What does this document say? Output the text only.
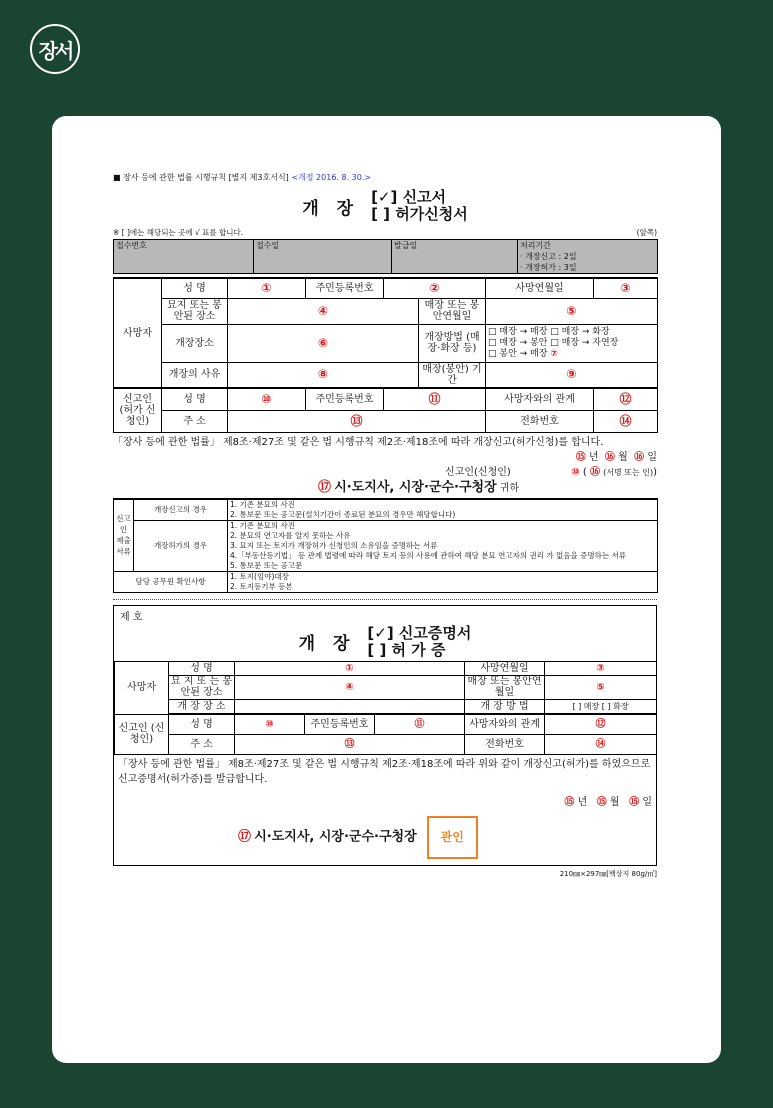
장서
■ 장사 등에 관한 법률 시행규칙 [별지 제3호서식] <개정 2016. 8. 30.>
개 장
[✓] 신고서
[ ] 허가신청서
※ [ ]에는 해당되는 곳에 √ 표를 합니다.	(앞쪽)
접수번호	접수일	발급일	처리기간
· 개장신고 : 2일
· 개장허가 : 3일
사망자	성 명	①	주민등록번호	②		사망연월일	③
	묘지 또는 봉안된 장소	④			매장 또는 봉안연월일	⑤	
	개장장소	⑥			개장방법 (매장·화장 등)	□ 매장 → 매장 □ 매장 → 화장
□ 매장 → 봉안 □ 매장 → 자연장
□ 봉안 → 매장 ⑦	

	개장의 사유	⑧			매장(봉안) 기간	⑨	
신고인 (허가 신청인)	성 명	⑩	주민등록번호	⑪		사망자와의 관계	⑫
	주 소	⑬				전화번호	⑭
「장사 등에 관한 법률」 제8조·제27조 및 같은 법 시행규칙 제2조·제18조에 따라 개장신고(허가신청)를 합니다.
⑮ 년 ⑯ 월 ⑯ 일
신고인(신청인)	⑩ ( ⑯ (서명 또는 인))
⑰ 시·도지사, 시장·군수·구청장 귀하
신고인 제출서류	개장신고의 경우	1. 기존 분묘의 사진
2. 통보문 또는 공고문(설치기간이 종료된 분묘의 경우만 해당합니다)

	개장허가의 경우	1. 기존 분묘의 사진
2. 분묘의 연고자를 알지 못하는 사유
3. 묘지 또는 토지가 개장허가 신청인의 소유임을 증명하는 서류
4.「부동산등기법」 등 관계 법령에 따라 해당 토지 등의 사용에 관하여 해당 분묘 연고자의 권리 가 없음을 증명하는 서류
5. 통보문 또는 공고문

담당 공무원 확인사항		1. 토지(임야)대장
2. 토지등기부 등본
제 호
개 장
[✓] 신고증명서
[ ] 허 가 증
사망자	성 명	①			사망연월일	③
	묘 지 또 는 봉안된 장소	④			매장 또는 봉안연월일	⑤
	개 장 장 소				개 장 방 법	[ ] 매장 [ ] 화장

신고인 (신청인)	성 명	⑩	주민등록번호	⑪	사망자와의 관계	⑫
	주 소	⑬			전화번호	⑭
「장사 등에 관한 법률」 제8조·제27조 및 같은 법 시행규칙 제2조·제18조에 따라 위와 같이 개장신고(허가)를 하였으므로 신고증명서(허가증)를 발급합니다.
⑮ 년 ⑮ 월 ⑮ 일
⑰ 시·도지사, 시장·군수·구청장 관인
210㎜×297㎜[백상지 80g/㎡]
